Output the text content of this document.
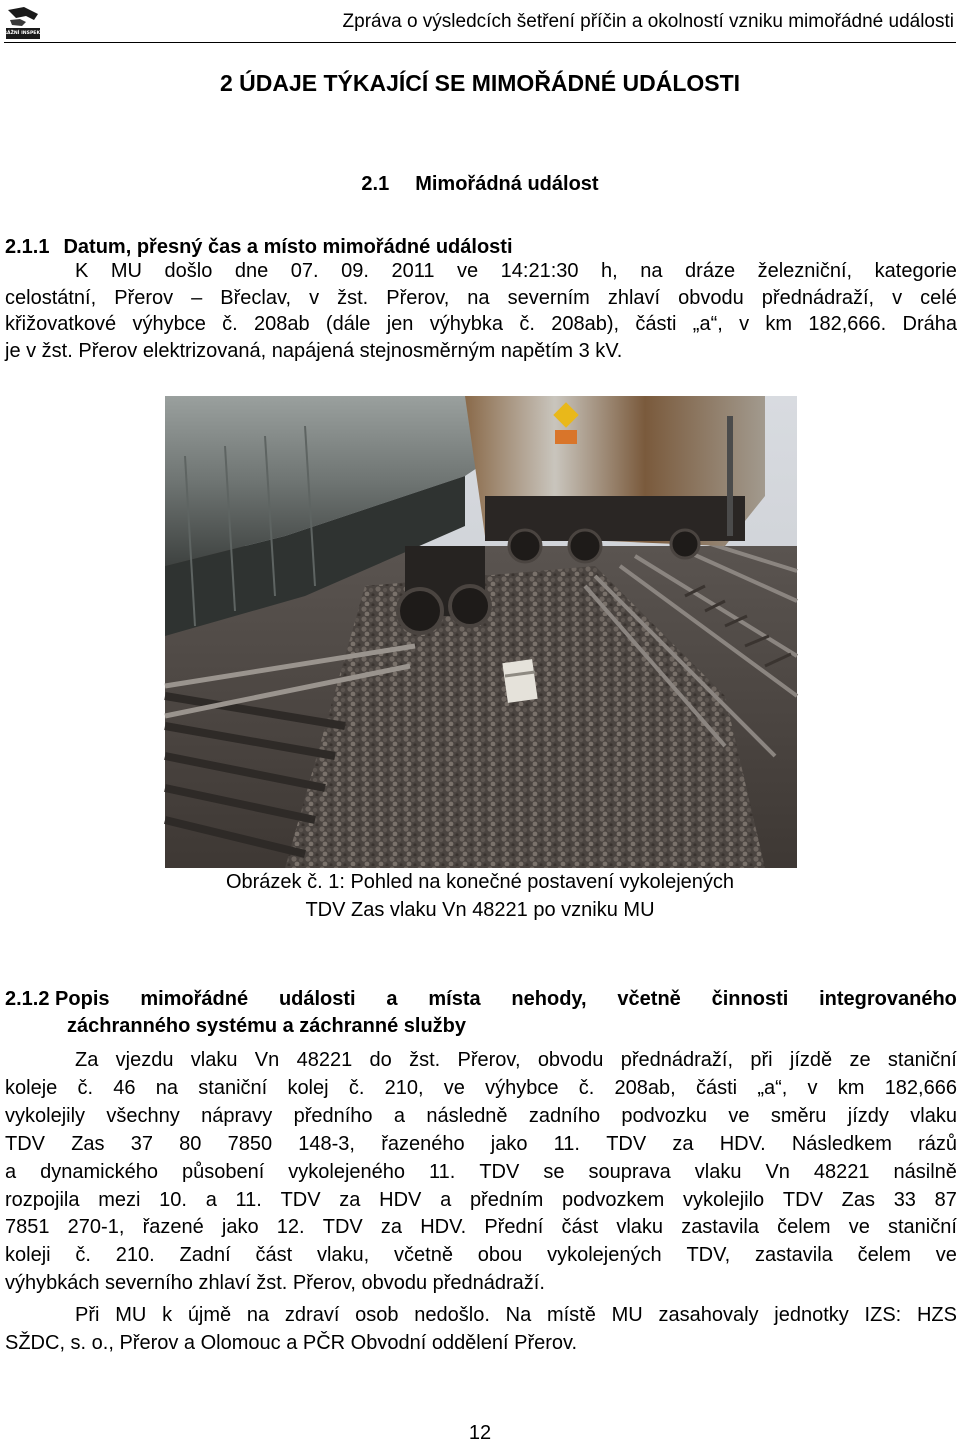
DRÁŽNÍ INSPEKCE
Zpráva o výsledcích šetření příčin a okolností vzniku mimořádné události
2 ÚDAJE TÝKAJÍCÍ SE MIMOŘÁDNÉ UDÁLOSTI
2.1 Mimořádná událost
2.1.1 Datum, přesný čas a místo mimořádné události
K MU došlo dne 07. 09. 2011 ve 14:21:30 h, na dráze železniční, kategorie
celostátní, Přerov – Břeclav, v žst. Přerov, na severním zhlaví obvodu přednádraží, v celé
křižovatkové výhybce č. 208ab (dále jen výhybka č. 208ab), části „a“, v km 182,666. Dráha
je v žst. Přerov elektrizovaná, napájená stejnosměrným napětím 3 kV.
Obrázek č. 1: Pohled na konečné postavení vykolejených
TDV Zas vlaku Vn 48221 po vzniku MU
2.1.2 Popis mimořádné události a místa nehody, včetně činnosti integrovaného
záchranného systému a záchranné služby
Za vjezdu vlaku Vn 48221 do žst. Přerov, obvodu přednádraží, při jízdě ze staniční
koleje č. 46 na staniční kolej č. 210, ve výhybce č. 208ab, části „a“, v km 182,666
vykolejily všechny nápravy předního a následně zadního podvozku ve směru jízdy vlaku
TDV Zas 37 80 7850 148-3, řazeného jako 11. TDV za HDV. Následkem rázů
a dynamického působení vykolejeného 11. TDV se souprava vlaku Vn 48221 násilně
rozpojila mezi 10. a 11. TDV za HDV a předním podvozkem vykolejilo TDV Zas 33 87
7851 270-1, řazené jako 12. TDV za HDV. Přední část vlaku zastavila čelem ve staniční
koleji č. 210. Zadní část vlaku, včetně obou vykolejených TDV, zastavila čelem ve
výhybkách severního zhlaví žst. Přerov, obvodu přednádraží.
Při MU k újmě na zdraví osob nedošlo. Na místě MU zasahovaly jednotky IZS: HZS
SŽDC, s. o., Přerov a Olomouc a PČR Obvodní oddělení Přerov.
12
